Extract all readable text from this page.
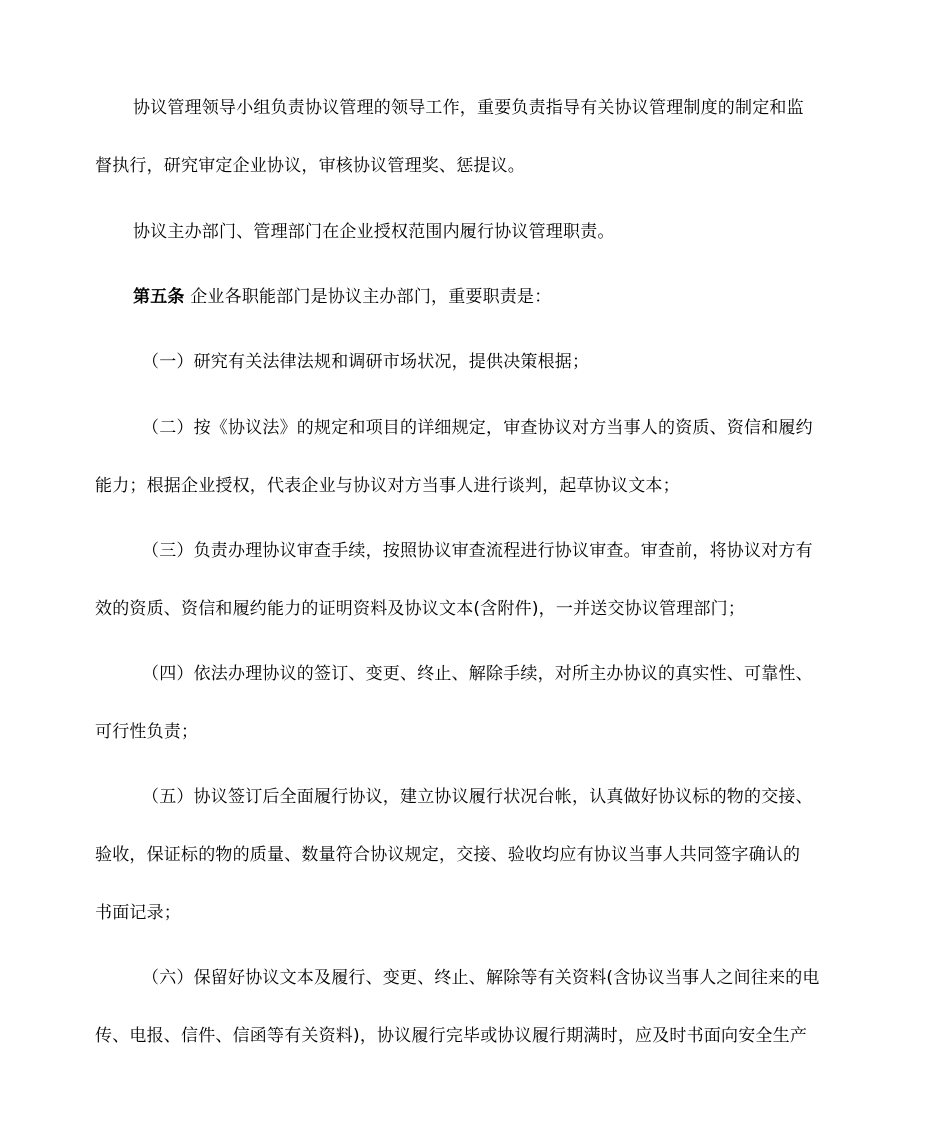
协议管理领导小组负责协议管理的领导工作，重要负责指导有关协议管理制度的制定和监
督执行，研究审定企业协议，审核协议管理奖、惩提议。
协议主办部门、管理部门在企业授权范围内履行协议管理职责。
第五条 企业各职能部门是协议主办部门，重要职责是：
（一）研究有关法律法规和调研市场状况，提供决策根据；
（二）按《协议法》的规定和项目的详细规定，审查协议对方当事人的资质、资信和履约
能力；根据企业授权，代表企业与协议对方当事人进行谈判，起草协议文本；
（三）负责办理协议审查手续，按照协议审查流程进行协议审查。审查前，将协议对方有
效的资质、资信和履约能力的证明资料及协议文本(含附件)，一并送交协议管理部门；
（四）依法办理协议的签订、变更、终止、解除手续，对所主办协议的真实性、可靠性、
可行性负责；
（五）协议签订后全面履行协议，建立协议履行状况台帐，认真做好协议标的物的交接、
验收，保证标的物的质量、数量符合协议规定，交接、验收均应有协议当事人共同签字确认的
书面记录；
（六）保留好协议文本及履行、变更、终止、解除等有关资料(含协议当事人之间往来的电
传、电报、信件、信函等有关资料)，协议履行完毕或协议履行期满时，应及时书面向安全生产
